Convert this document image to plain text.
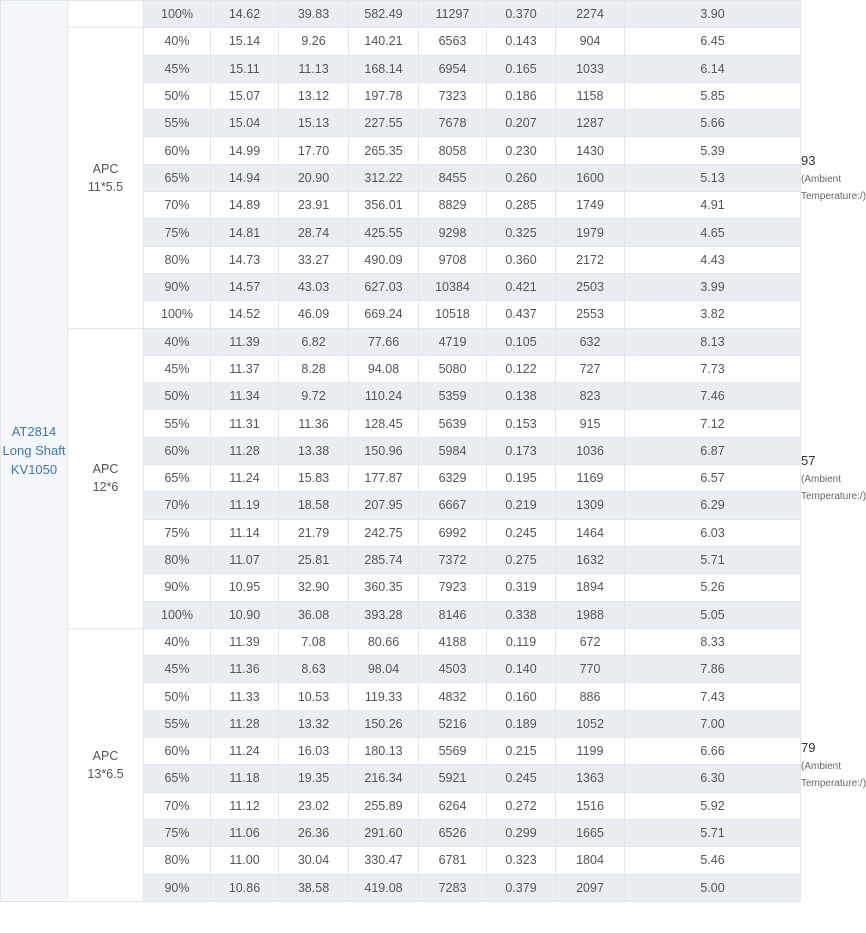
AT2814
Long Shaft
KV1050		100%	14.62	39.83	582.49	11297	0.370	2274	3.90	
	APC
11*5.5	40%	15.14	9.26	140.21	6563	0.143	904	6.45	93
(Ambient
Temperature:/)

		45%	15.11	11.13	168.14	6954	0.165	1033	6.14	
		50%	15.07	13.12	197.78	7323	0.186	1158	5.85	
		55%	15.04	15.13	227.55	7678	0.207	1287	5.66	
		60%	14.99	17.70	265.35	8058	0.230	1430	5.39	
		65%	14.94	20.90	312.22	8455	0.260	1600	5.13	
		70%	14.89	23.91	356.01	8829	0.285	1749	4.91	
		75%	14.81	28.74	425.55	9298	0.325	1979	4.65	
		80%	14.73	33.27	490.09	9708	0.360	2172	4.43	
		90%	14.57	43.03	627.03	10384	0.421	2503	3.99	
		100%	14.52	46.09	669.24	10518	0.437	2553	3.82	
	APC
12*6	40%	11.39	6.82	77.66	4719	0.105	632	8.13	57
(Ambient
Temperature:/)

		45%	11.37	8.28	94.08	5080	0.122	727	7.73	
		50%	11.34	9.72	110.24	5359	0.138	823	7.46	
		55%	11.31	11.36	128.45	5639	0.153	915	7.12	
		60%	11.28	13.38	150.96	5984	0.173	1036	6.87	
		65%	11.24	15.83	177.87	6329	0.195	1169	6.57	
		70%	11.19	18.58	207.95	6667	0.219	1309	6.29	
		75%	11.14	21.79	242.75	6992	0.245	1464	6.03	
		80%	11.07	25.81	285.74	7372	0.275	1632	5.71	
		90%	10.95	32.90	360.35	7923	0.319	1894	5.26	
		100%	10.90	36.08	393.28	8146	0.338	1988	5.05	
	APC
13*6.5	40%	11.39	7.08	80.66	4188	0.119	672	8.33	79
(Ambient
Temperature:/)

		45%	11.36	8.63	98.04	4503	0.140	770	7.86	
		50%	11.33	10.53	119.33	4832	0.160	886	7.43	
		55%	11.28	13.32	150.26	5216	0.189	1052	7.00	
		60%	11.24	16.03	180.13	5569	0.215	1199	6.66	
		65%	11.18	19.35	216.34	5921	0.245	1363	6.30	
		70%	11.12	23.02	255.89	6264	0.272	1516	5.92	
		75%	11.06	26.36	291.60	6526	0.299	1665	5.71	
		80%	11.00	30.04	330.47	6781	0.323	1804	5.46	
		90%	10.86	38.58	419.08	7283	0.379	2097	5.00	
